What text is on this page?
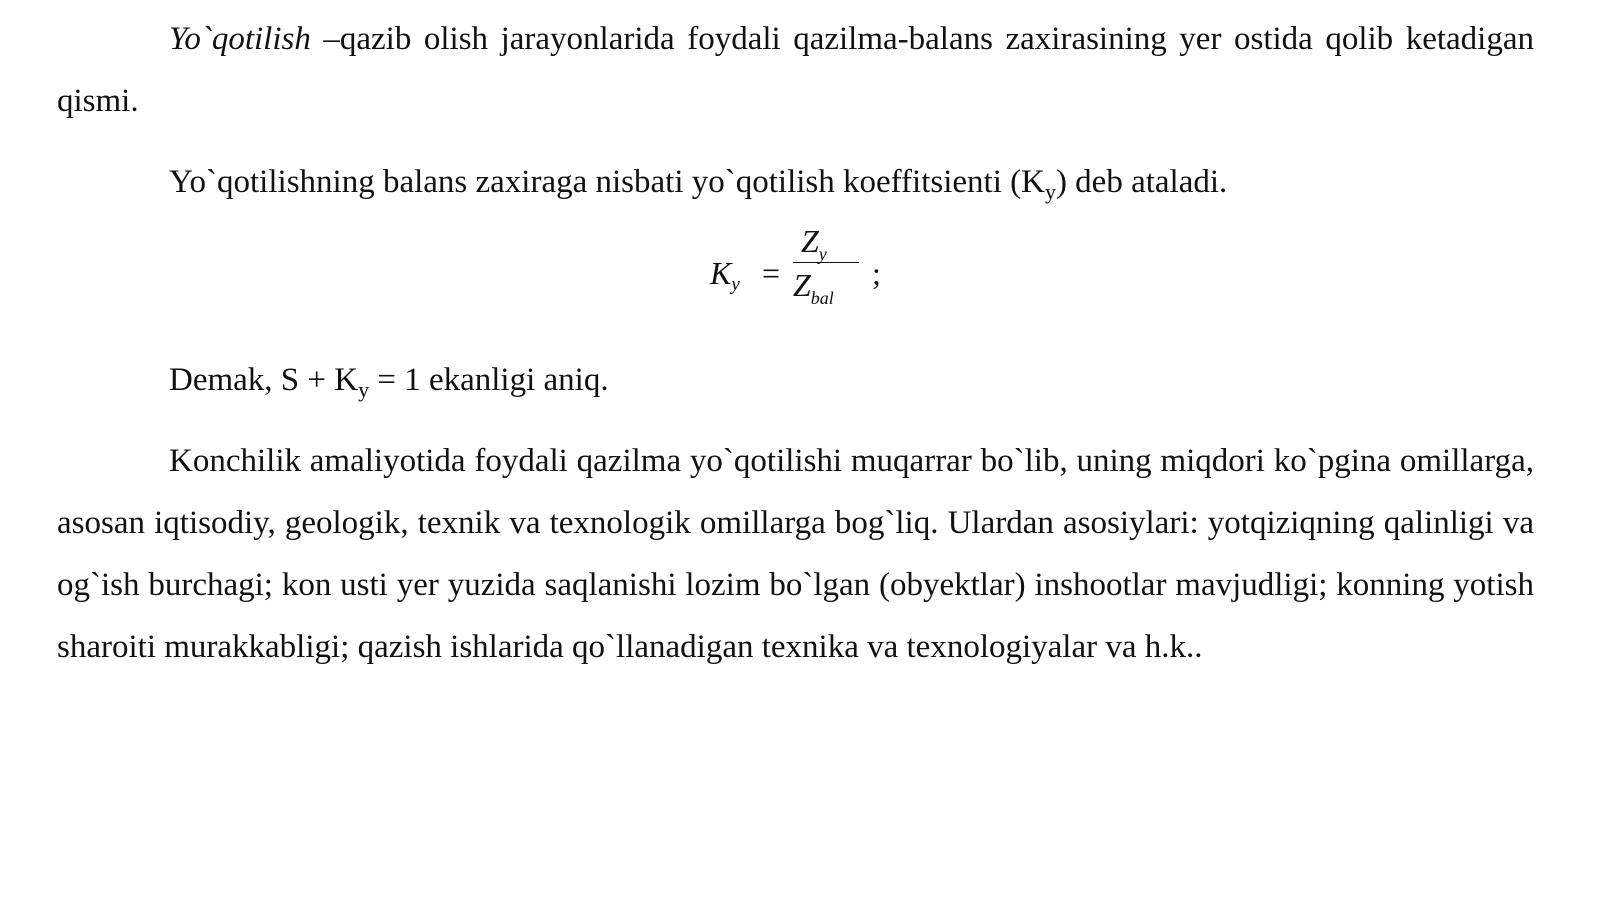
Yo`qotilish –qazib olish jarayonlarida foydali qazilma-balans zaxirasining yer ostida qolib ketadigan qismi.

Yo`qotilishning balans zaxiraga nisbati yo`qotilish koeffitsienti $(K_y)$ deb ataladi.

$K_y$ =
$Z_y$
$Z_{bal}$
;

Demak, $S + K_y = 1$ ekanligi aniq.

Konchilik amaliyotida foydali qazilma yo`qotilishi muqarrar bo`lib, uning miqdori ko`pgina omillarga, asosan iqtisodiy, geologik, texnik va texnologik omillarga bog`liq. Ulardan asosiylari: yotqiziqning qalinligi va og`ish burchagi; kon usti yer yuzida saqlanishi lozim bo`lgan (obyektlar) inshootlar mavjudligi; konning yotish sharoiti murakkabligi; qazish ishlarida qo`llanadigan texnika va texnologiyalar va h.k..
